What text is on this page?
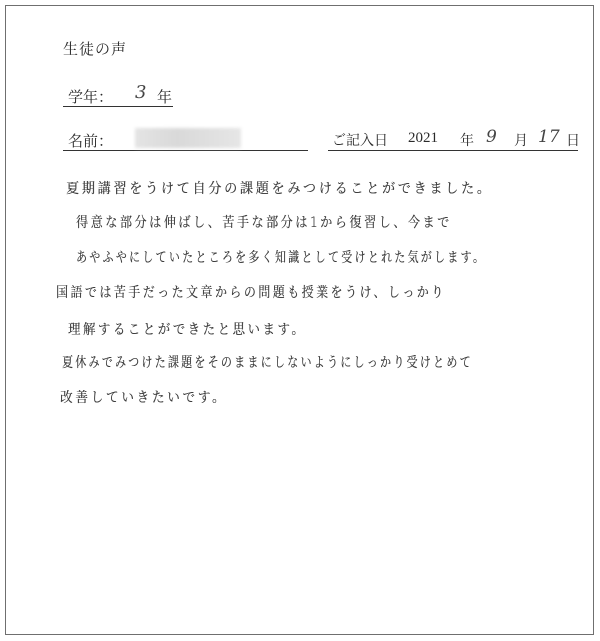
生徒の声
学年： 3 年
名前：	ご記入日 2021 年 9 月 17 日
夏期講習をうけて自分の課題をみつけることができました。
得意な部分は伸ばし、苦手な部分は1から復習し、今まで
あやふやにしていたところを多く知識として受けとれた気がします。
国語では苦手だった文章からの問題も授業をうけ、しっかり
理解することができたと思います。
夏休みでみつけた課題をそのままにしないようにしっかり受けとめて
改善していきたいです。
